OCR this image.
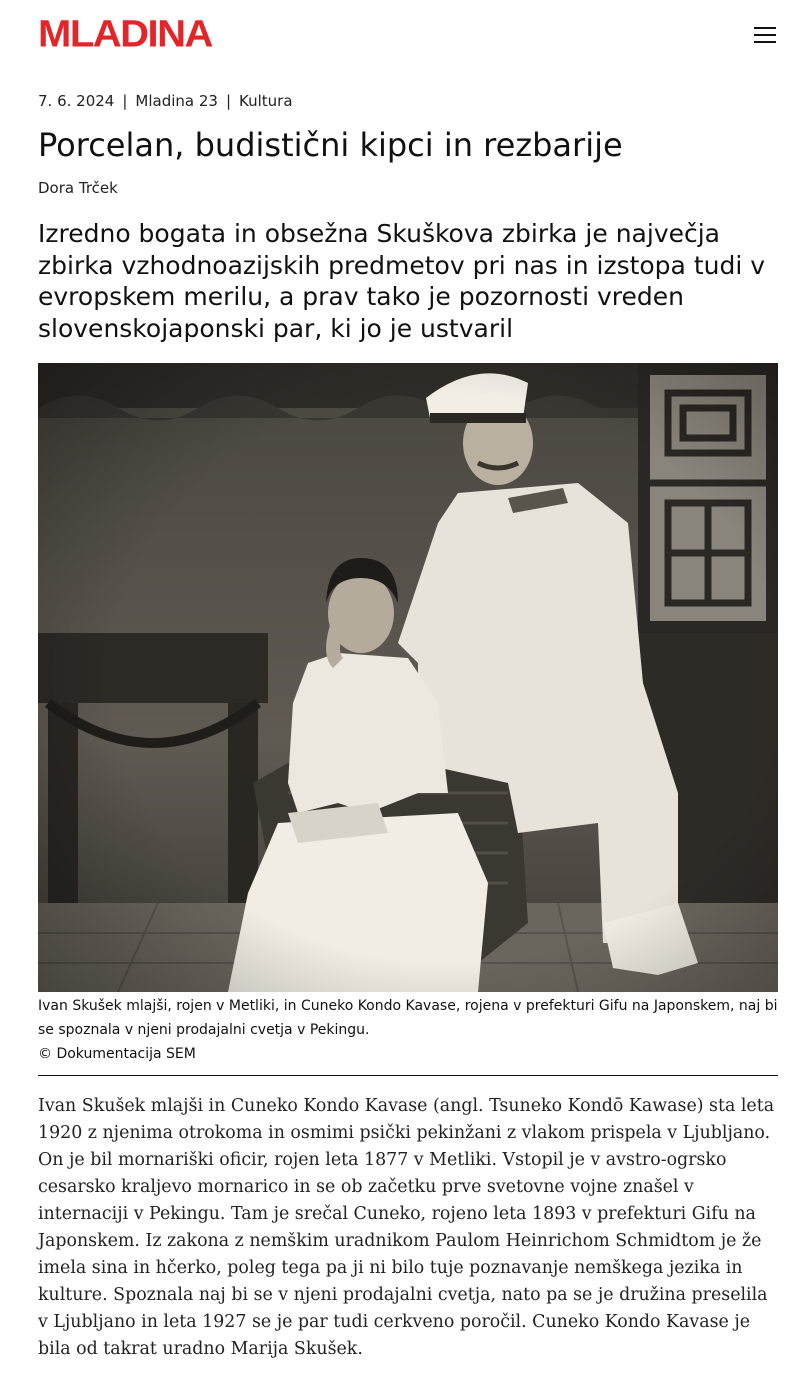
MLADINA
7. 6. 2024 | Mladina 23 | Kultura
Porcelan, budistični kipci in rezbarije
Dora Trček
Izredno bogata in obsežna Skuškova zbirka je največja zbirka vzhodnoazijskih predmetov pri nas in izstopa tudi v evropskem merilu, a prav tako je pozornosti vreden slovenskojaponski par, ki jo je ustvaril
Ivan Skušek mlajši, rojen v Metliki, in Cuneko Kondo Kavase, rojena v prefekturi Gifu na Japonskem, naj bi se spoznala v njeni prodajalni cvetja v Pekingu.
© Dokumentacija SEM

Ivan Skušek mlajši in Cuneko Kondo Kavase (angl. Tsuneko Kondō Kawase) sta leta 1920 z njenima otrokoma in osmimi psički pekinžani z vlakom prispela v Ljubljano. On je bil mornariški oficir, rojen leta 1877 v Metliki. Vstopil je v avstro-ogrsko cesarsko kraljevo mornarico in se ob začetku prve svetovne vojne znašel v internaciji v Pekingu. Tam je srečal Cuneko, rojeno leta 1893 v prefekturi Gifu na Japonskem. Iz zakona z nemškim uradnikom Paulom Heinrichom Schmidtom je že imela sina in hčerko, poleg tega pa ji ni bilo tuje poznavanje nemškega jezika in kulture. Spoznala naj bi se v njeni prodajalni cvetja, nato pa se je družina preselila v Ljubljano in leta 1927 se je par tudi cerkveno poročil. Cuneko Kondo Kavase je bila od takrat uradno Marija Skušek.
